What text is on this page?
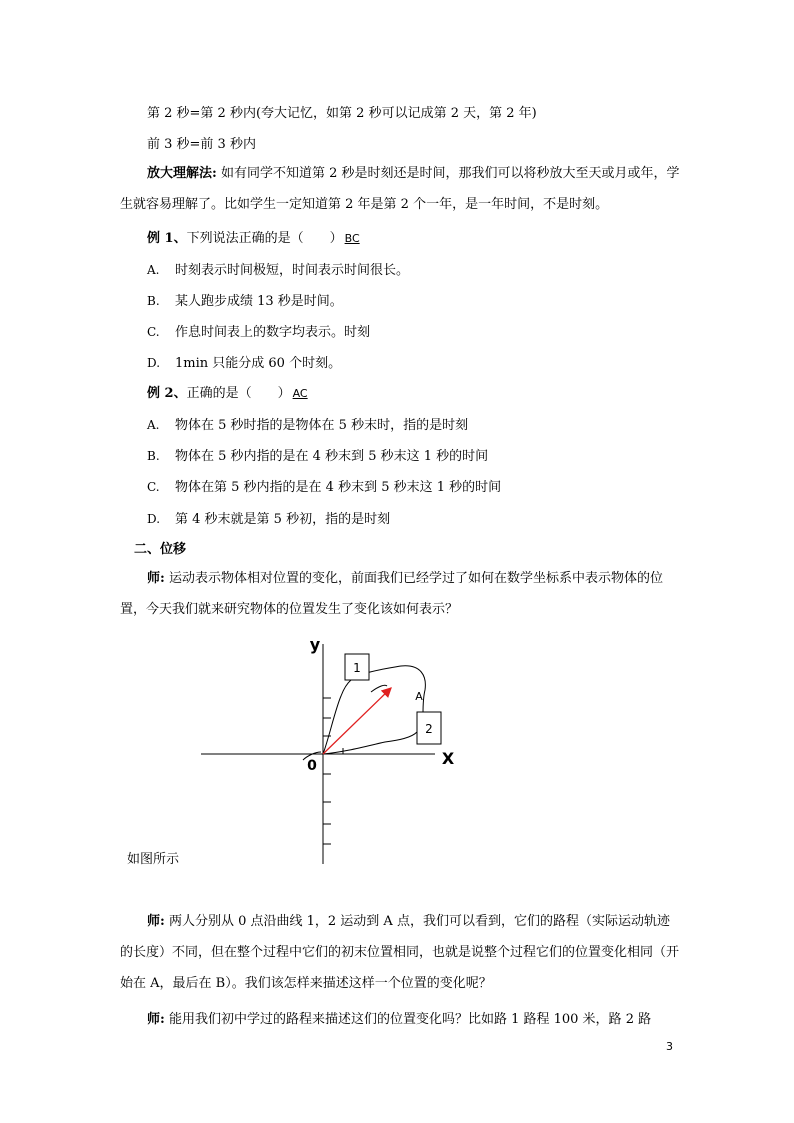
第 2 秒=第 2 秒内(夸大记忆，如第 2 秒可以记成第 2 天，第 2 年)
前 3 秒=前 3 秒内
放大理解法: 如有同学不知道第 2 秒是时刻还是时间，那我们可以将秒放大至天或月或年，学生就容易理解了。比如学生一定知道第 2 年是第 2 个一年，是一年时间，不是时刻。
例 1、下列说法正确的是（　　） BC
A. 时刻表示时间极短，时间表示时间很长。
B. 某人跑步成绩 13 秒是时间。
C. 作息时间表上的数字均表示。时刻
D. 1min 只能分成 60 个时刻。
例 2、正确的是（　　） AC
A. 物体在 5 秒时指的是物体在 5 秒末时，指的是时刻
B. 物体在 5 秒内指的是在 4 秒末到 5 秒末这 1 秒的时间
C. 物体在第 5 秒内指的是在 4 秒末到 5 秒末这 1 秒的时间
D. 第 4 秒末就是第 5 秒初，指的是时刻
二、位移
师: 运动表示物体相对位置的变化，前面我们已经学过了如何在数学坐标系中表示物体的位置，今天我们就来研究物体的位置发生了变化该如何表示？
1
2
A
y
X
0
如图所示
师: 两人分别从 0 点沿曲线 1，2 运动到 A 点，我们可以看到，它们的路程（实际运动轨迹的长度）不同，但在整个过程中它们的初末位置相同，也就是说整个过程它们的位置变化相同（开始在 A，最后在 B）。我们该怎样来描述这样一个位置的变化呢？
师: 能用我们初中学过的路程来描述这们的位置变化吗？比如路 1 路程 100 米，路 2 路
3
